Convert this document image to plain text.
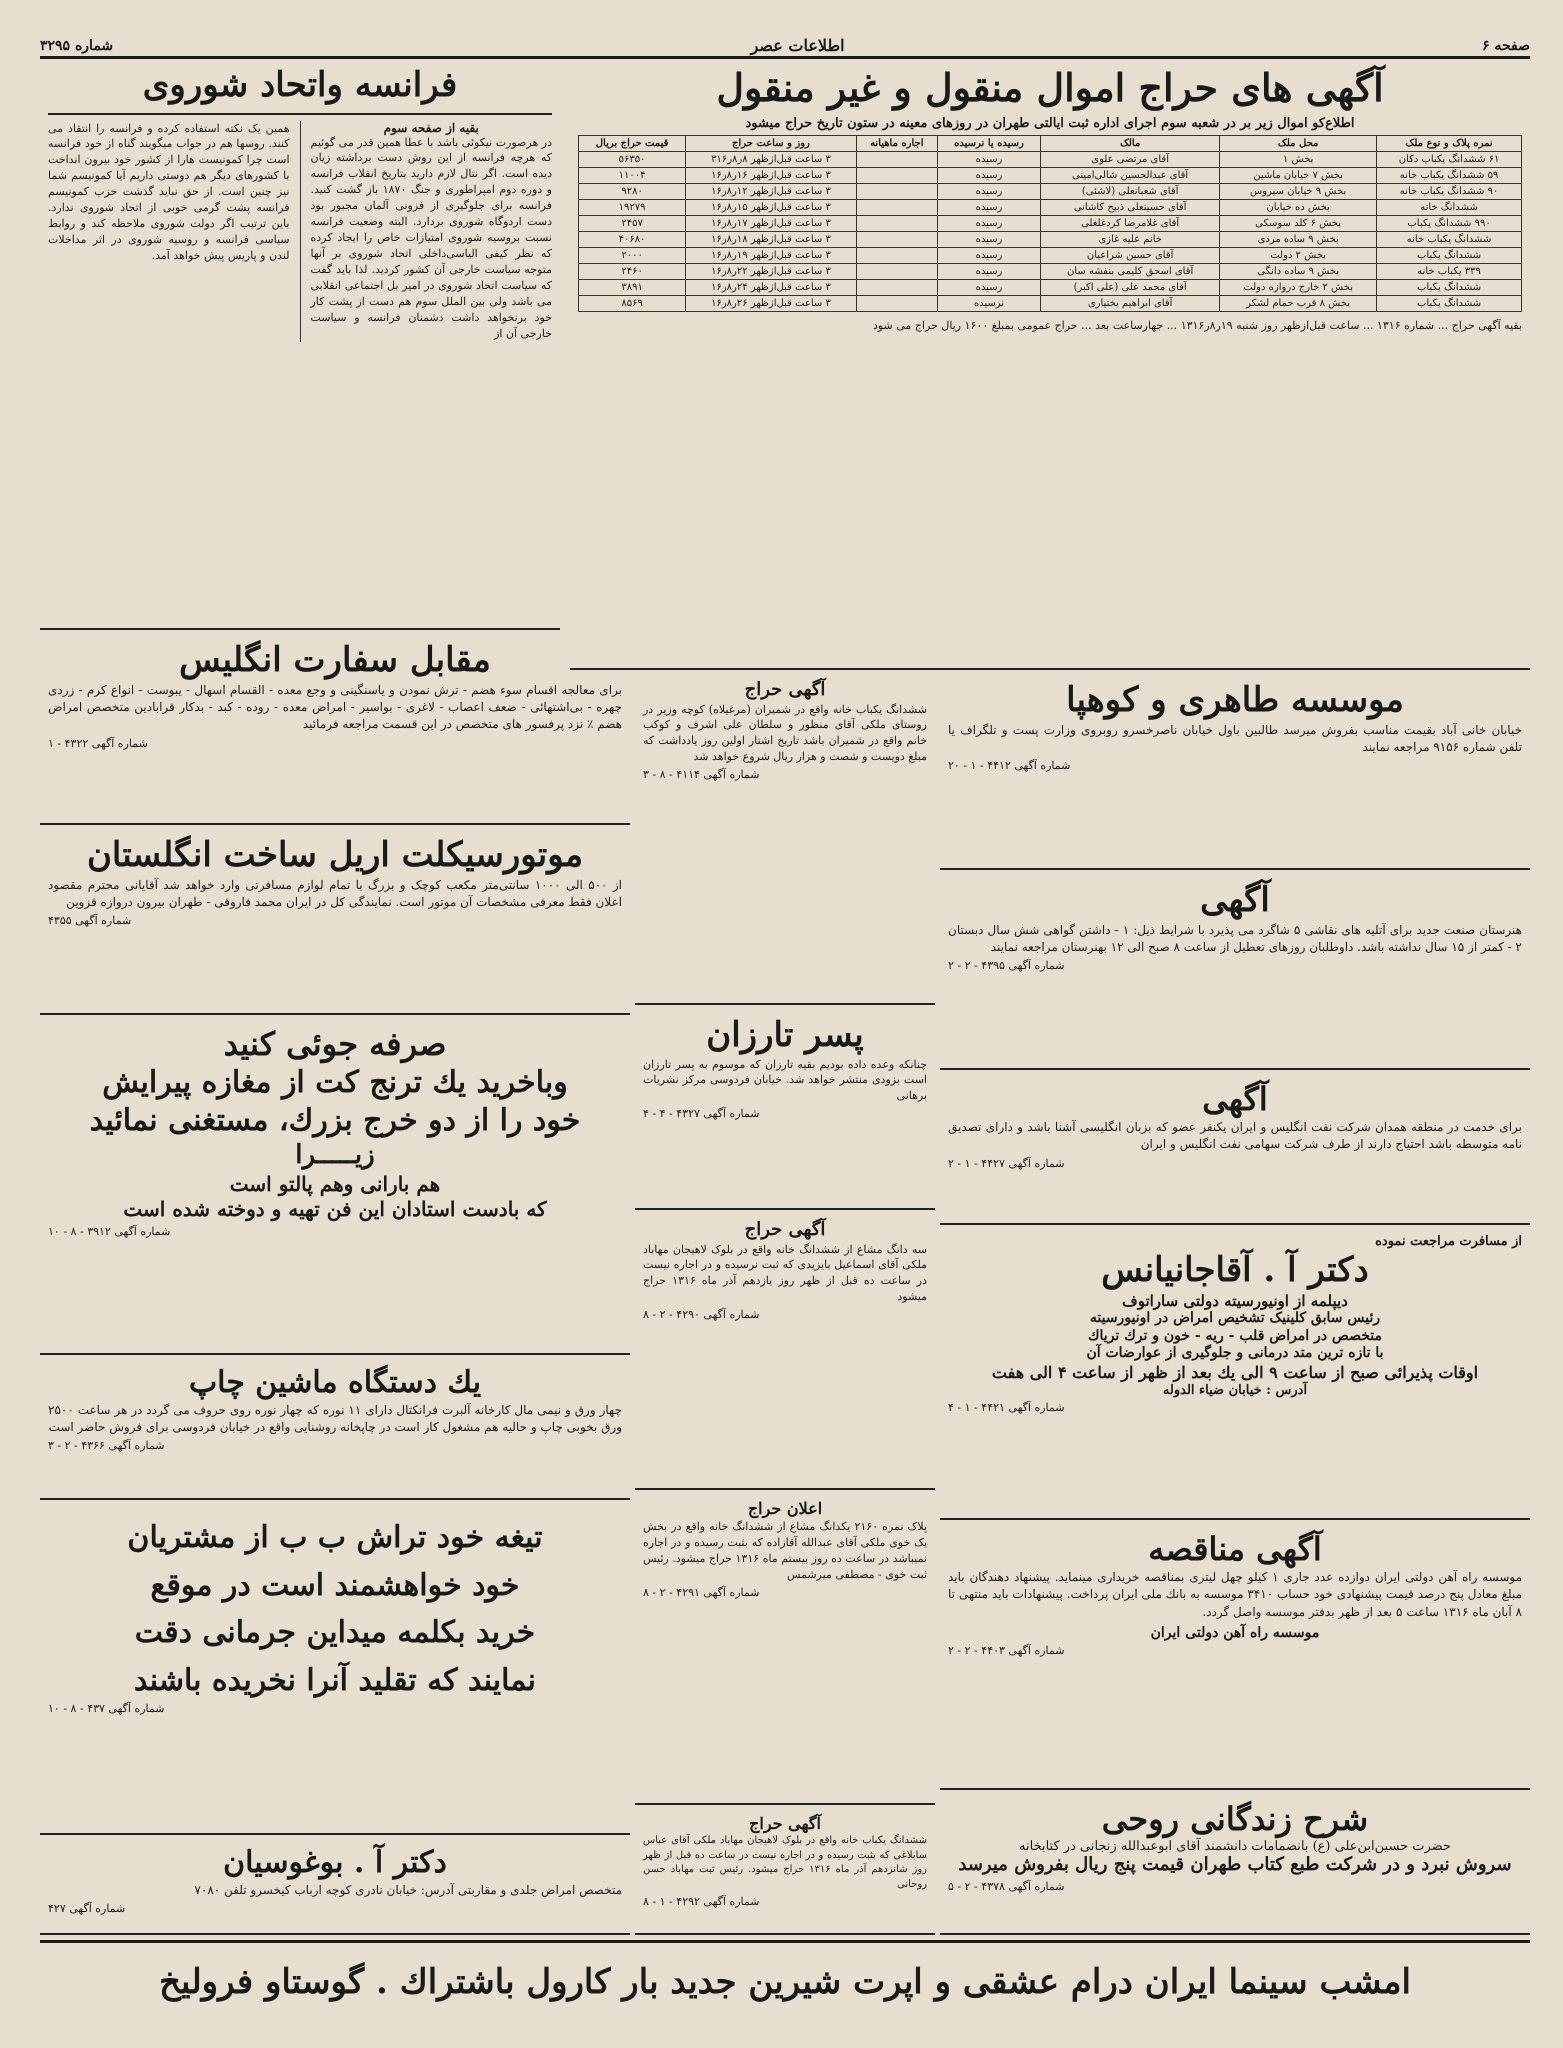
صفحه ۶
اطلاعات عصر
شماره ۳۲۹۵
آگهی های حراج اموال منقول و غیر منقول
اطلاع‌کو اموال زیر بر در شعبه سوم اجرای اداره ثبت ایالتی طهران در روزهای معینه در ستون تاریخ حراج میشود
نمره پلاک و نوع ملک	محل ملک	مالک	رسیده یا نرسیده	اجاره ماهیانه	روز و ساعت حراج	قیمت حراج بریال
۶۱ ششدانگ یکباب دکان	بخش ۱	آقای مرتضی علوی	رسیده		۳ ساعت قبل‌ازظهر ۸ر۸ر۳۱۶	۵۶۳۵۰
۵۹ ششدانگ یکباب خانه	بخش ۷ خیابان ماشین	آقای عبدالحسین شالی‌امینی	رسیده		۳ ساعت قبل‌ازظهر ۱۶ر۸ر۱۶	۱۱۰۰۴
۹۰ ششدانگ یکباب خانه	بخش ۹ خیابان سیروس	آقای شعبانعلی (لاشئی)	رسیده		۳ ساعت قبل‌ازظهر ۱۲ر۸ر۱۶	۹۲۸۰
ششدانگ خانه	بخش ده خیابان	آقای حسینعلی ذبیح کاشانی	رسیده		۳ ساعت قبل‌ازظهر ۱۵ر۸ر۱۶	۱۹۲۷۹
۹۹۰ ششدانگ یکباب	بخش ۶ کلد سوسکی	آقای غلامرضا کردغلغلی	رسیده		۳ ساعت قبل‌ازظهر ۱۷ر۸ر۱۶	۲۴۵۷
ششدانگ یکباب خانه	بخش ۹ ساده مردی	خانم علیه غازی	رسیده		۳ ساعت قبل‌ازظهر ۱۸ر۸ر۱۶	۴۰۶۸۰
ششدانگ یکباب	بخش ۲ دولت	آقای حسین شراعیان	رسیده		۳ ساعت قبل‌ازظهر ۱۹ر۸ر۱۶	۲۰۰۰
۳۳۹ یکباب خانه	بخش ۹ ساده دانگی	آقای اسحق کلیمی بنفشه سان	رسیده		۳ ساعت قبل‌ازظهر ۲۲ر۸ر۱۶	۲۴۶۰
ششدانگ یکباب	بخش ۲ خارج دروازه دولت	آقای محمد علی (علی اکبر)	رسیده		۳ ساعت قبل‌ازظهر ۲۴ر۸ر۱۶	۳۸۹۱
ششدانگ یکباب	بخش ۸ قرب حمام لشکر	آقای ابراهیم بختیاری	نرسیده		۳ ساعت قبل‌ازظهر ۲۶ر۸ر۱۶	۸۵۶۹
بقیه آگهی حراج ... شماره ۱۳۱۶ ... ساعت قبل‌ازظهر روز شنبه ۱۹ر۸ر۱۳۱۶ ... جهارساعت بعد ... حراج عمومی بمبلغ ۱۶۰۰ ریال حراج می شود
فرانسه واتحاد شوروی
بقیه از صفحه سوم
در هرصورت نیکوئی باشد با عطا همین قدر می گوئیم که هرچه فرانسه از این روش دست برداشته زیان دیده است. اگر نتال لازم دارید بتاریخ انقلاب فرانسه و دوره دوم امپراطوری و جنگ ۱۸۷۰ باز گشت کنید. فرانسه برای جلوگیری از فزونی آلمان مجبور بود دست اردوگاه شوروی بردارد. البته وضعیت فرانسه نسبت بروسیه شوروی امتیازات خاص را ایجاد کرده که نظر کیفی الیاسی‌داخلی اتحاد شوروی بر آنها متوجه سیاست خارجی آن کشور کردید. لذا باید گفت که سیاست اتحاد شوروی در امیر بل اجتماعی انقلابی می باشد ولی بین الملل سوم هم دست از پشت کار خود برنخواهد داشت دشمنان فرانسه و سیاست خارجی آن از
همین یک نکته استفاده کرده و فرانسه را انتقاد می کنند. روسها هم در جواب میگویند گناه از خود فرانسه است چرا کمونیست هارا از کشور خود بیرون انداخت با کشورهای دیگر هم دوستی داریم آیا کمونیسم شما نیز چنین است. از حق نباید گذشت حزب کمونیسم فرانسه پشت گرمی خوبی از اتحاد شوروی ندارد. باین ترتیب اگر دولت شوروی ملاحظه کند و روابط سیاسی فرانسه و روسیه شوروی در اثر مداخلات لندن و پاریس پیش خواهد آمد.
مقابل سفارت انگلیس
برای معالجه اقسام سوء هضم - ترش نمودن و یاسنگینی و وجع معده - القسام اسهال - یبوست - انواع کرم - زردی چهره - بی‌اشتهائی - ضعف اعصاب - لاغری - بواسیر - امراض معده - روده - کبد - بدکار قرابادین متخصص امراض هضم ٪ نزد پرفسور های متخصص در این قسمت مراجعه فرمائید
شماره آگهی ۴۳۲۲ - ۱
موتورسیکلت اریل ساخت انگلستان
از ۵۰۰ الی ۱۰۰۰ سانتی‌متر مکعب کوچک و بزرگ با تمام لوازم مسافرتی وارد خواهد شد آقایانی محترم مقصود اعلان فقط معرفی مشخصات آن موتور است. نمایندگی کل در ایران محمد فاروقی - طهران بیرون دروازه قزوین
شماره آگهی ۴۳۵۵
صرفه جوئی کنید
وباخرید یك ترنج كت از مغازه پیرایش
خود را از دو خرج بزرك، مستغنی نمائید
زيـــــرا
هم بارانی وهم پالتو است
که بادست استادان این فن تهیه و دوخته شده است
شماره آگهی ۳۹۱۲ - ۸ - ۱۰
یك دستگاه ماشین چاپ
چهار ورق و نیمی مال کارخانه آلبرت فرانکتال دارای ۱۱ نوره که چهار نوره روی حروف می گردد در هر ساعت ۲۵۰۰ ورق بخوبی چاپ و حالیه هم مشغول کار است در چاپخانه روشنایی واقع در خیابان فردوسی برای فروش حاضر است
شماره آگهی ۴۳۶۶ - ۲ - ۳
تیغه خود تراش ب ب از مشتریان
خود خواهشمند است در موقع
خرید بکلمه میداین جرمانی دقت
نمایند که تقلید آنرا نخریده باشند
شماره آگهی ۴۳۷ - ۸ - ۱۰
دکتر آ . بوغوسیان
متخصص امراض جلدی و مقاربتی آدرس: خیابان نادری کوچه ارباب کیخسرو تلفن ۷۰۸۰
شماره آگهی ۴۲۷
آگهی حراج
ششدانگ یکباب خانه واقع در شمیران (مرغیلاه) کوچه وزیر در روستای ملکی آقای منظور و سلطان علی اشرف و کوکب خانم واقع در شمیران باشد تاریخ اشتار اولین روز یادداشت که مبلغ دویست و شصت و هزار ریال شروع خواهد شد
شماره آگهی ۴۱۱۴ - ۸ - ۳
پسر تارزان
چنانکه وعده داده بودیم بقیه تارزان که موسوم به پسر تارزان است بزودی منتشر خواهد شد. خیابان فردوسی مرکز نشریات برهانی
شماره آگهی ۴۳۲۷ - ۴ - ۴
آگهی حراج
سه دانگ مشاع از ششدانگ خانه واقع در بلوک لاهیجان مهاباد ملکی آقای اسماعیل بایزیدی که ثبت نرسیده و در اجاره نیست در ساعت ده قبل از ظهر روز یازدهم آذر ماه ۱۳۱۶ حراج میشود
شماره آگهی ۴۲۹۰ - ۲ - ۸
اعلان حراج
پلاک نمره ۲۱۶۰ یکدانگ مشاع از ششدانگ خانه واقع در بخش یک خوی ملکی آقای عبدالله آقازاده که بثبت رسیده و در اجاره نمیباشد در ساعت ده روز بیستم ماه ۱۳۱۶ حراج میشود. رئیس ثبت خوی - مصطفی میرشمس
شماره آگهی ۴۲۹۱ - ۲ - ۸
آگهی حراج
ششدانگ یکباب خانه واقع در بلوک لاهیجان مهاباد ملکی آقای عباس سابلاغی که بثبت رسیده و در اجاره نیست در ساعت ده قبل از ظهر روز شانزدهم آذر ماه ۱۳۱۶ حراج میشود. رئیس ثبت مهاباد حسن روحانی
شماره آگهی ۴۲۹۲ - ۱ - ۸
موسسه طاهری و کوهپا
خیابان خانی آباد بقیمت مناسب بفروش میرسد طالبین باول خیابان ناصرخسرو روبروی وزارت پست و تلگراف یا تلفن شماره ۹۱۵۶ مراجعه نمایند
شماره آگهی ۴۴۱۲ - ۱ - ۲۰
آگهی
هنرستان صنعت جدید برای آتلیه های نقاشی ۵ شاگرد می پذیرد با شرایط ذیل: ۱ - داشتن گواهی شش سال دبستان ۲ - کمتر از ۱۵ سال نداشته باشد. داوطلبان روزهای تعطیل از ساعت ۸ صبح الی ۱۲ بهنرستان مراجعه نمایند
شماره آگهی ۴۳۹۵ - ۲ - ۲
آگهی
برای خدمت در منطقه همدان شرکت نفت انگلیس و ایران یکنفر عضو که بزبان انگلیسی آشنا باشد و دارای تصدیق نامه متوسطه باشد احتیاج دارند از طرف شرکت سهامی نفت انگلیس و ایران
شماره آگهی ۴۴۲۷ - ۱ - ۲
از مسافرت مراجعت نموده
دکتر آ . آقاجانیانس
دیپلمه از اونیورسیته دولتی ساراتوف
رئیس سابق کلینیک تشخیص امراض در اونیورسیته
متخصص در امراض قلب - ریه - خون و ترك تریاك
با تازه ترین متد درمانی و جلوگیری از عوارضات آن
اوقات پذیرائی صبح از ساعت ۹ الی یك بعد از ظهر از ساعت ۴ الی هفت
آدرس : خیابان ضیاء الدوله
شماره آگهی ۴۴۲۱ - ۱ - ۴
آگهی مناقصه
موسسه راه آهن دولتی ایران دوازده عدد جاری ۱ کیلو چهل لیتری بمناقصه خریداری مینماید. پیشنهاد دهندگان باید مبلغ معادل پنج درصد قیمت پیشنهادی خود حساب ۳۴۱۰ موسسه به بانك ملی ایران پرداخت. پیشنهادات باید منتهی تا ۸ آبان ماه ۱۳۱۶ ساعت ۵ بعد از ظهر بدفتر موسسه واصل گردد.
موسسه راه آهن دولتی ایران
شماره آگهی ۴۴۰۳ - ۲ - ۲
شرح زندگانی روحی
حضرت حسین‌ابن‌علی (ع) بانضمامات دانشمند آقای ابوعبدالله زنجانی در کتابخانه
سروش نبرد و در شرکت طبع کتاب طهران قیمت پنج ریال بفروش میرسد
شماره آگهی ۴۳۷۸ - ۲ - ۵
امشب سینما ایران درام عشقی و اپرت شیرین جدید بار کارول باشتراك . گوستاو فرولیخ
